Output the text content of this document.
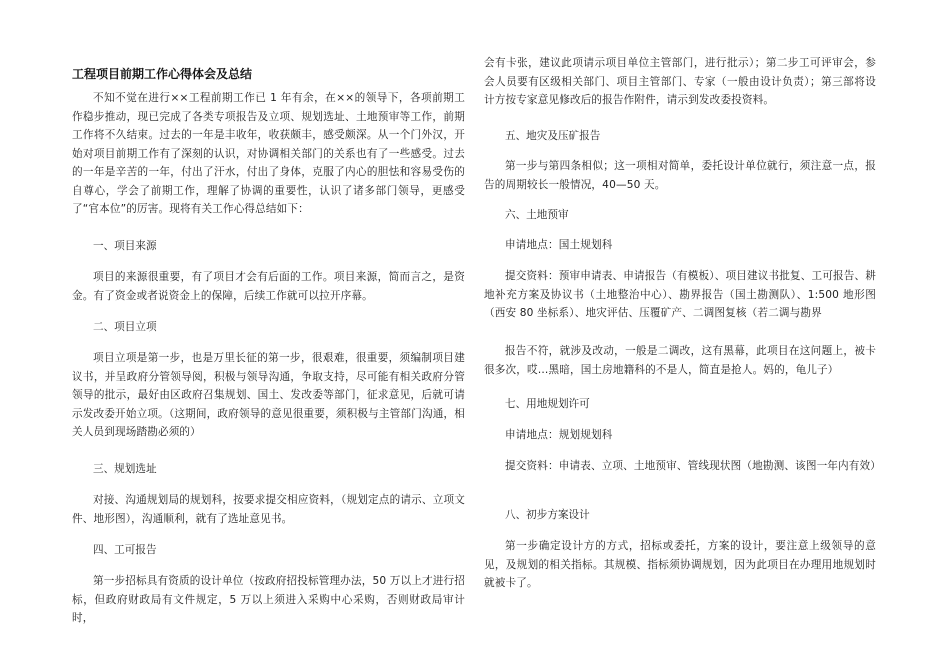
工程项目前期工作心得体会及总结

不知不觉在进行××工程前期工作已 1 年有余，在××的领导下，各项前期工作稳步推动，现已完成了各类专项报告及立项、规划选址、土地预审等工作，前期工作将不久结束。过去的一年是丰收年，收获颇丰，感受颇深。从一个门外汉，开始对项目前期工作有了深刻的认识，对协调相关部门的关系也有了一些感受。过去的一年是辛苦的一年，付出了汗水，付出了身体，克服了内心的胆怯和容易受伤的自尊心，学会了前期工作，理解了协调的重要性，认识了诸多部门领导，更感受了“官本位”的厉害。现将有关工作心得总结如下：

一、项目来源

项目的来源很重要，有了项目才会有后面的工作。项目来源，简而言之，是资金。有了资金或者说资金上的保障，后续工作就可以拉开序幕。

二、项目立项

项目立项是第一步，也是万里长征的第一步，很艰难，很重要，须编制项目建议书，并呈政府分管领导阅，积极与领导沟通，争取支持，尽可能有相关政府分管领导的批示，最好由区政府召集规划、国土、发改委等部门，征求意见，后就可请示发改委开始立项。（这期间，政府领导的意见很重要，须积极与主管部门沟通，相关人员到现场踏勘必须的）

三、规划选址

对接、沟通规划局的规划科，按要求提交相应资料，（规划定点的请示、立项文件、地形图），沟通顺利，就有了选址意见书。

四、工可报告

第一步招标具有资质的设计单位（按政府招投标管理办法，50 万以上才进行招标，但政府财政局有文件规定，5 万以上须进入采购中心采购，否则财政局审计时，

会有卡张，建议此项请示项目单位主管部门，进行批示）；第二步工可评审会，参会人员要有区级相关部门、项目主管部门、专家（一般由设计负责）；第三部将设计方按专家意见修改后的报告作附件，请示到发改委投资料。

五、地灾及压矿报告

第一步与第四条相似；这一项相对简单，委托设计单位就行，须注意一点，报告的周期较长一般情况，40—50 天。

六、土地预审

申请地点：国土规划科

提交资料：预审申请表、申请报告（有模板）、项目建议书批复、工可报告、耕地补充方案及协议书（土地整治中心）、勘界报告（国土勘测队）、1:500 地形图（西安 80 坐标系）、地灾评估、压覆矿产、二调图复核（若二调与勘界

报告不符，就涉及改动，一般是二调改，这有黑幕，此项目在这问题上，被卡很多次，哎…黑暗，国土房地籍科的不是人，简直是抢人。妈的，龟儿子）

七、用地规划许可

申请地点：规划规划科

提交资料：申请表、立项、土地预审、管线现状图（地勘测、该图一年内有效）

八、初步方案设计

第一步确定设计方的方式，招标或委托，方案的设计，要注意上级领导的意见，及规划的相关指标。其规模、指标须协调规划，因为此项目在办理用地规划时就被卡了。
